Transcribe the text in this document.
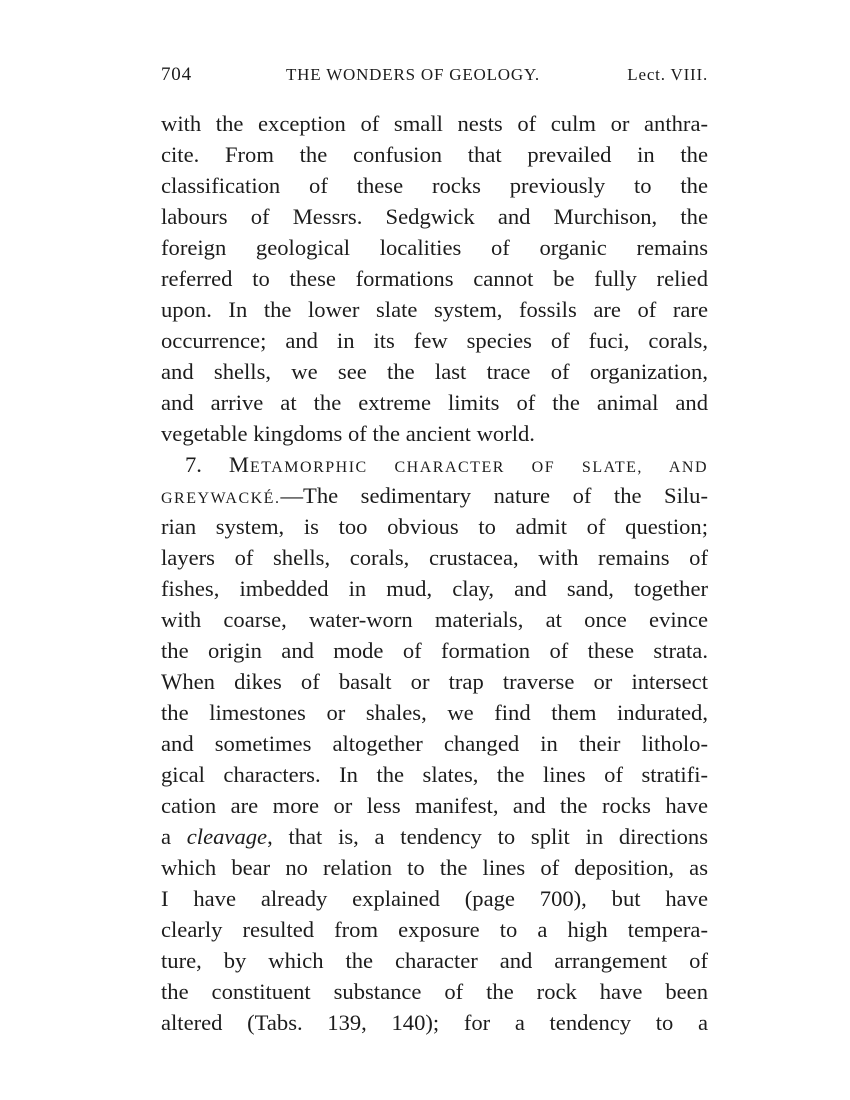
704	THE WONDERS OF GEOLOGY.	Lect. VIII.
with the exception of small nests of culm or anthra-
cite. From the confusion that prevailed in the
classification of these rocks previously to the
labours of Messrs. Sedgwick and Murchison, the
foreign geological localities of organic remains
referred to these formations cannot be fully relied
upon. In the lower slate system, fossils are of rare
occurrence; and in its few species of fuci, corals,
and shells, we see the last trace of organization,
and arrive at the extreme limits of the animal and
vegetable kingdoms of the ancient world.
7. METAMORPHIC CHARACTER OF SLATE, AND
GREYWACKÉ.—The sedimentary nature of the Silu-
rian system, is too obvious to admit of question;
layers of shells, corals, crustacea, with remains of
fishes, imbedded in mud, clay, and sand, together
with coarse, water-worn materials, at once evince
the origin and mode of formation of these strata.
When dikes of basalt or trap traverse or intersect
the limestones or shales, we find them indurated,
and sometimes altogether changed in their litholo-
gical characters. In the slates, the lines of stratifi-
cation are more or less manifest, and the rocks have
a cleavage, that is, a tendency to split in directions
which bear no relation to the lines of deposition, as
I have already explained (page 700), but have
clearly resulted from exposure to a high tempera-
ture, by which the character and arrangement of
the constituent substance of the rock have been
altered (Tabs. 139, 140); for a tendency to a
